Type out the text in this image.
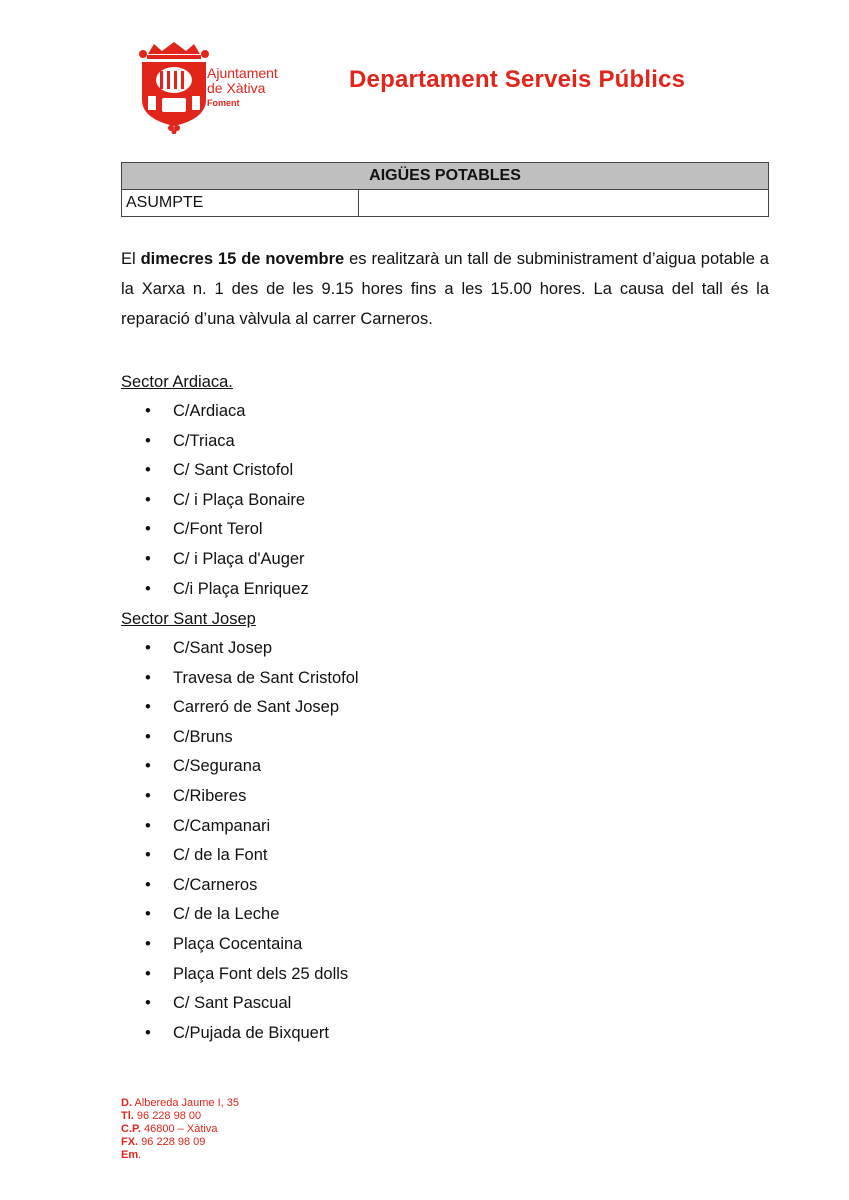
Ajuntament
de Xàtiva
Foment
Departament Serveis Públics
AIGÜES POTABLES
ASUMPTE	
El dimecres 15 de novembre es realitzarà un tall de subministrament d’aigua potable a la Xarxa n. 1 des de les 9.15 hores fins a les 15.00 hores. La causa del tall és la reparació d’una vàlvula al carrer Carneros.
Sector Ardiaca.
• C/Ardiaca
• C/Triaca
• C/ Sant Cristofol
• C/ i Plaça Bonaire
• C/Font Terol
• C/ i Plaça d'Auger
• C/i Plaça Enriquez
Sector Sant Josep
• C/Sant Josep
• Travesa de Sant Cristofol
• Carreró de Sant Josep
• C/Bruns
• C/Segurana
• C/Riberes
• C/Campanari
• C/ de la Font
• C/Carneros
• C/ de la Leche
• Plaça Cocentaina
• Plaça Font dels 25 dolls
• C/ Sant Pascual
• C/Pujada de Bixquert
D. Albereda Jaume I, 35
Tl. 96 228 98 00
C.P. 46800 – Xàtiva
FX. 96 228 98 09
Em.
